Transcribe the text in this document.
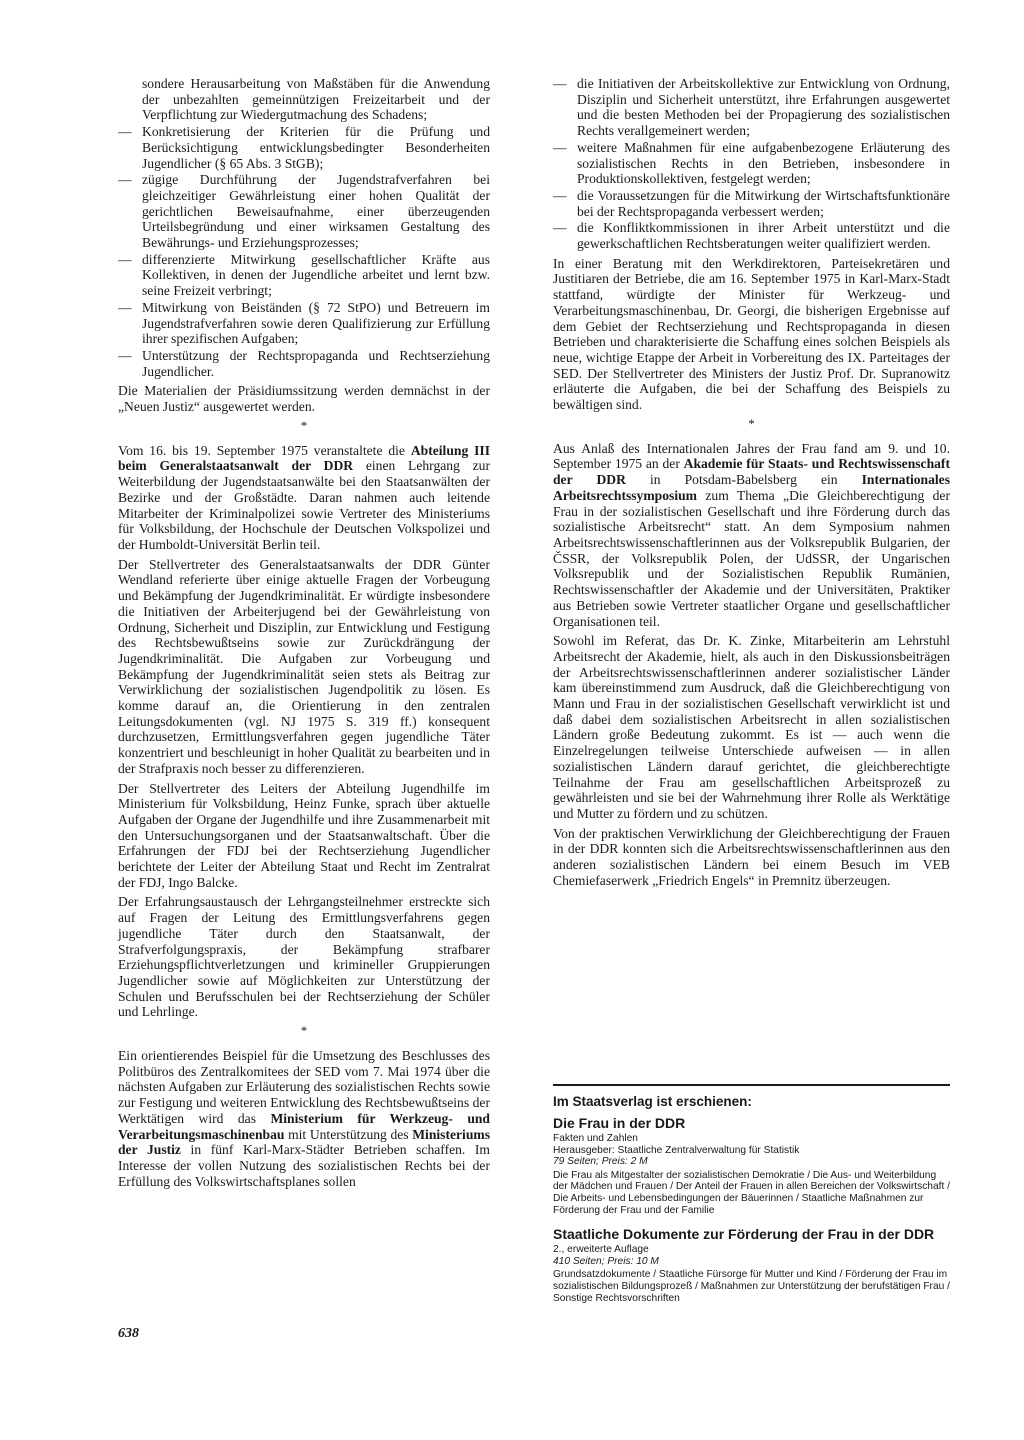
sondere Herausarbeitung von Maßstäben für die Anwendung der unbezahlten gemeinnützigen Freizeitarbeit und der Verpflichtung zur Wiedergutmachung des Schadens;
— Konkretisierung der Kriterien für die Prüfung und Berücksichtigung entwicklungsbedingter Besonderheiten Jugendlicher (§ 65 Abs. 3 StGB);
— zügige Durchführung der Jugendstrafverfahren bei gleichzeitiger Gewährleistung einer hohen Qualität der gerichtlichen Beweisaufnahme, einer überzeugenden Urteilsbegründung und einer wirksamen Gestaltung des Bewährungs- und Erziehungsprozesses;
— differenzierte Mitwirkung gesellschaftlicher Kräfte aus Kollektiven, in denen der Jugendliche arbeitet und lernt bzw. seine Freizeit verbringt;
— Mitwirkung von Beiständen (§ 72 StPO) und Betreuern im Jugendstrafverfahren sowie deren Qualifizierung zur Erfüllung ihrer spezifischen Aufgaben;
— Unterstützung der Rechtspropaganda und Rechtserziehung Jugendlicher.

Die Materialien der Präsidiumssitzung werden demnächst in der „Neuen Justiz“ ausgewertet werden.

*

Vom 16. bis 19. September 1975 veranstaltete die Abteilung III beim Generalstaatsanwalt der DDR einen Lehrgang zur Weiterbildung der Jugendstaatsanwälte bei den Staatsanwälten der Bezirke und der Großstädte. Daran nahmen auch leitende Mitarbeiter der Kriminalpolizei sowie Vertreter des Ministeriums für Volksbildung, der Hochschule der Deutschen Volkspolizei und der Humboldt-Universität Berlin teil.

Der Stellvertreter des Generalstaatsanwalts der DDR Günter Wendland referierte über einige aktuelle Fragen der Vorbeugung und Bekämpfung der Jugendkriminalität. Er würdigte insbesondere die Initiativen der Arbeiterjugend bei der Gewährleistung von Ordnung, Sicherheit und Disziplin, zur Entwicklung und Festigung des Rechtsbewußtseins sowie zur Zurückdrängung der Jugendkriminalität. Die Aufgaben zur Vorbeugung und Bekämpfung der Jugendkriminalität seien stets als Beitrag zur Verwirklichung der sozialistischen Jugendpolitik zu lösen. Es komme darauf an, die Orientierung in den zentralen Leitungsdokumenten (vgl. NJ 1975 S. 319 ff.) konsequent durchzusetzen, Ermittlungsverfahren gegen jugendliche Täter konzentriert und beschleunigt in hoher Qualität zu bearbeiten und in der Strafpraxis noch besser zu differenzieren.

Der Stellvertreter des Leiters der Abteilung Jugendhilfe im Ministerium für Volksbildung, Heinz Funke, sprach über aktuelle Aufgaben der Organe der Jugendhilfe und ihre Zusammenarbeit mit den Untersuchungsorganen und der Staatsanwaltschaft. Über die Erfahrungen der FDJ bei der Rechtserziehung Jugendlicher berichtete der Leiter der Abteilung Staat und Recht im Zentralrat der FDJ, Ingo Balcke.

Der Erfahrungsaustausch der Lehrgangsteilnehmer erstreckte sich auf Fragen der Leitung des Ermittlungsverfahrens gegen jugendliche Täter durch den Staatsanwalt, der Strafverfolgungspraxis, der Bekämpfung strafbarer Erziehungspflichtverletzungen und krimineller Gruppierungen Jugendlicher sowie auf Möglichkeiten zur Unterstützung der Schulen und Berufsschulen bei der Rechtserziehung der Schüler und Lehrlinge.

*

Ein orientierendes Beispiel für die Umsetzung des Beschlusses des Politbüros des Zentralkomitees der SED vom 7. Mai 1974 über die nächsten Aufgaben zur Erläuterung des sozialistischen Rechts sowie zur Festigung und weiteren Entwicklung des Rechtsbewußtseins der Werktätigen wird das Ministerium für Werkzeug- und Verarbeitungsmaschinenbau mit Unterstützung des Ministeriums der Justiz in fünf Karl-Marx-Städter Betrieben schaffen. Im Interesse der vollen Nutzung des sozialistischen Rechts bei der Erfüllung des Volkswirtschaftsplanes sollen

— die Initiativen der Arbeitskollektive zur Entwicklung von Ordnung, Disziplin und Sicherheit unterstützt, ihre Erfahrungen ausgewertet und die besten Methoden bei der Propagierung des sozialistischen Rechts verallgemeinert werden;
— weitere Maßnahmen für eine aufgabenbezogene Erläuterung des sozialistischen Rechts in den Betrieben, insbesondere in Produktionskollektiven, festgelegt werden;
— die Voraussetzungen für die Mitwirkung der Wirtschaftsfunktionäre bei der Rechtspropaganda verbessert werden;
— die Konfliktkommissionen in ihrer Arbeit unterstützt und die gewerkschaftlichen Rechtsberatungen weiter qualifiziert werden.

In einer Beratung mit den Werkdirektoren, Parteisekretären und Justitiaren der Betriebe, die am 16. September 1975 in Karl-Marx-Stadt stattfand, würdigte der Minister für Werkzeug- und Verarbeitungsmaschinenbau, Dr. Georgi, die bisherigen Ergebnisse auf dem Gebiet der Rechtserziehung und Rechtspropaganda in diesen Betrieben und charakterisierte die Schaffung eines solchen Beispiels als neue, wichtige Etappe der Arbeit in Vorbereitung des IX. Parteitages der SED. Der Stellvertreter des Ministers der Justiz Prof. Dr. Supranowitz erläuterte die Aufgaben, die bei der Schaffung des Beispiels zu bewältigen sind.

*

Aus Anlaß des Internationalen Jahres der Frau fand am 9. und 10. September 1975 an der Akademie für Staats- und Rechtswissenschaft der DDR in Potsdam-Babelsberg ein Internationales Arbeitsrechtssymposium zum Thema „Die Gleichberechtigung der Frau in der sozialistischen Gesellschaft und ihre Förderung durch das sozialistische Arbeitsrecht“ statt. An dem Symposium nahmen Arbeitsrechtswissenschaftlerinnen aus der Volksrepublik Bulgarien, der ČSSR, der Volksrepublik Polen, der UdSSR, der Ungarischen Volksrepublik und der Sozialistischen Republik Rumänien, Rechtswissenschaftler der Akademie und der Universitäten, Praktiker aus Betrieben sowie Vertreter staatlicher Organe und gesellschaftlicher Organisationen teil.

Sowohl im Referat, das Dr. K. Zinke, Mitarbeiterin am Lehrstuhl Arbeitsrecht der Akademie, hielt, als auch in den Diskussionsbeiträgen der Arbeitsrechtswissenschaftlerinnen anderer sozialistischer Länder kam übereinstimmend zum Ausdruck, daß die Gleichberechtigung von Mann und Frau in der sozialistischen Gesellschaft verwirklicht ist und daß dabei dem sozialistischen Arbeitsrecht in allen sozialistischen Ländern große Bedeutung zukommt. Es ist — auch wenn die Einzelregelungen teilweise Unterschiede aufweisen — in allen sozialistischen Ländern darauf gerichtet, die gleichberechtigte Teilnahme der Frau am gesellschaftlichen Arbeitsprozeß zu gewährleisten und sie bei der Wahrnehmung ihrer Rolle als Werktätige und Mutter zu fördern und zu schützen.

Von der praktischen Verwirklichung der Gleichberechtigung der Frauen in der DDR konnten sich die Arbeitsrechtswissenschaftlerinnen aus den anderen sozialistischen Ländern bei einem Besuch im VEB Chemiefaserwerk „Friedrich Engels“ in Premnitz überzeugen.

Im Staatsverlag ist erschienen:
Die Frau in der DDR

Fakten und Zahlen

Herausgeber: Staatliche Zentralverwaltung für Statistik

79 Seiten; Preis: 2 M

Die Frau als Mitgestalter der sozialistischen Demokratie / Die Aus- und Weiterbildung der Mädchen und Frauen / Der Anteil der Frauen in allen Bereichen der Volkswirtschaft / Die Arbeits- und Lebensbedingungen der Bäuerinnen / Staatliche Maßnahmen zur Förderung der Frau und der Familie

Staatliche Dokumente zur Förderung der Frau in der DDR

2., erweiterte Auflage

410 Seiten; Preis: 10 M

Grundsatzdokumente / Staatliche Fürsorge für Mutter und Kind / Förderung der Frau im sozialistischen Bildungsprozeß / Maßnahmen zur Unterstützung der berufstätigen Frau / Sonstige Rechtsvorschriften

638
